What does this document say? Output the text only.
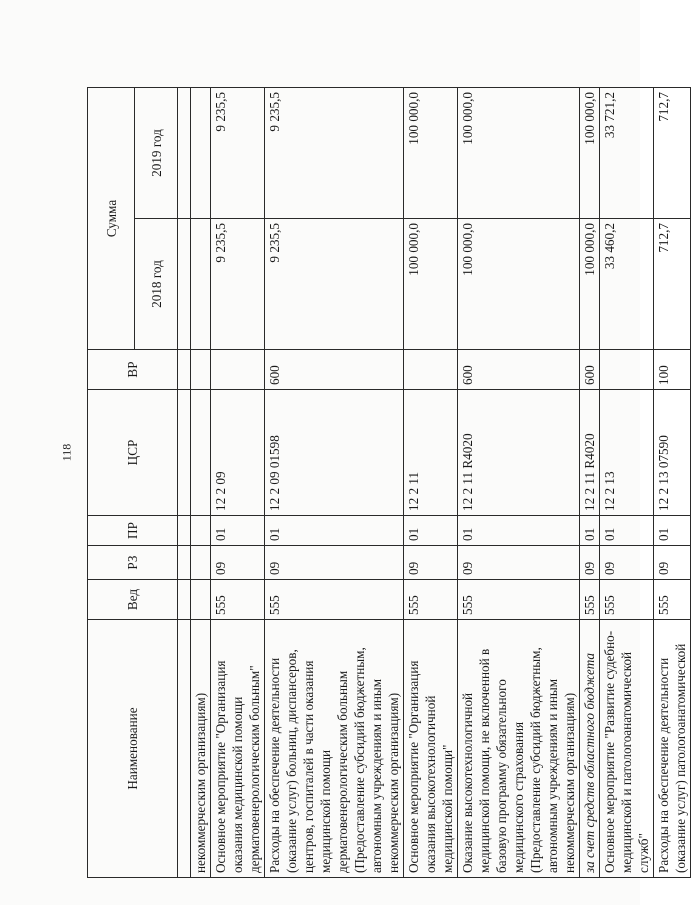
118
Наименование	Вед	РЗ	ПР	ЦСР	ВР	Сумма	
						2018 год	2019 год

некоммерческим организациям)							
Основное мероприятие "Организация оказания медицинской помощи дерматовенерологическим больным"	555	09	01	12 2 09		9 235,5	9 235,5
Расходы на обеспечение деятельности (оказание услуг) больниц, диспансеров, центров, госпиталей в части оказания медицинской помощи дерматовенерологическим больным (Предоставление субсидий бюджетным, автономным учреждениям и иным некоммерческим организациям)	555	09	01	12 2 09 01598	600	9 235,5	9 235,5
Основное мероприятие "Организация оказания высокотехнологичной медицинской помощи"	555	09	01	12 2 11		100 000,0	100 000,0
Оказание высокотехнологичной медицинской помощи, не включенной в базовую программу обязательного медицинского страхования (Предоставление субсидий бюджетным, автономным учреждениям и иным некоммерческим организациям)	555	09	01	12 2 11 R4020	600	100 000,0	100 000,0
за счет средств областного бюджета	555	09	01	12 2 11 R4020	600	100 000,0	100 000,0
Основное мероприятие "Развитие судебно-медицинской и патологоанатомической служб"	555	09	01	12 2 13		33 460,2	33 721,2
Расходы на обеспечение деятельности (оказание услуг) патологоанатомической	555	09	01	12 2 13 07590	100	712,7	712,7
